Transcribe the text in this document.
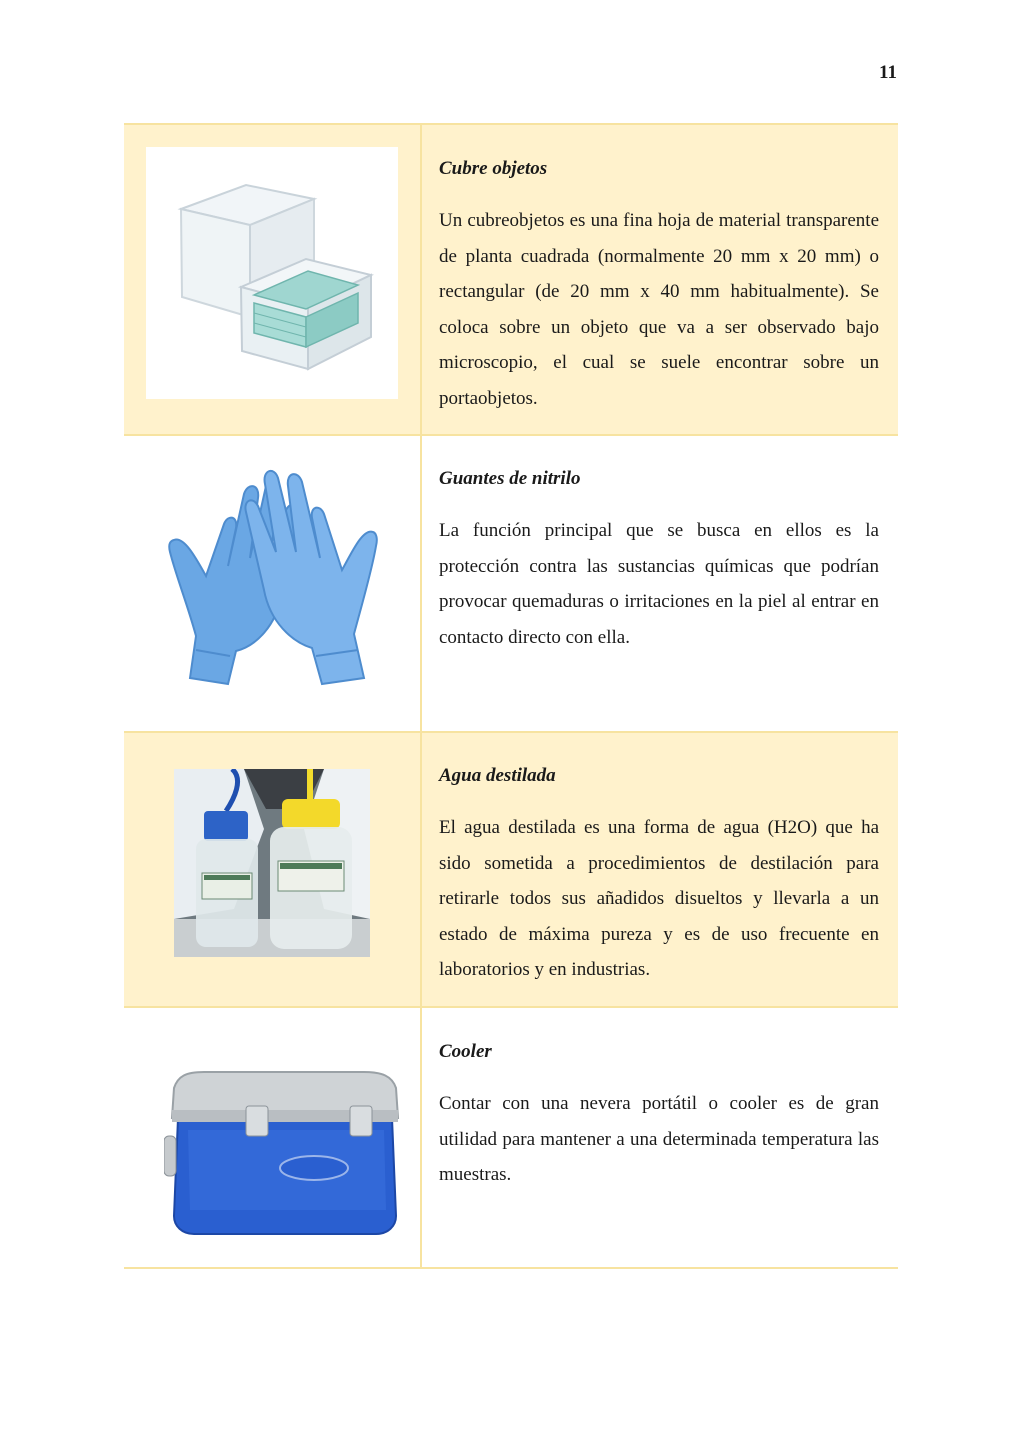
11

Cubre objetos

Un cubreobjetos es una fina hoja de material transparente de planta cuadrada (normalmente 20 mm x 20 mm) o rectangular (de 20 mm x 40 mm habitualmente). Se coloca sobre un objeto que va a ser observado bajo microscopio, el cual se suele encontrar sobre un portaobjetos.

Guantes de nitrilo

La función principal que se busca en ellos es la protección contra las sustancias químicas que podrían provocar quemaduras o irritaciones en la piel al entrar en contacto directo con ella.

Agua destilada

El agua destilada es una forma de agua (H2O) que ha sido sometida a procedimientos de destilación para retirarle todos sus añadidos disueltos y llevarla a un estado de máxima pureza y es de uso frecuente en laboratorios y en industrias.

Cooler

Contar con una nevera portátil o cooler es de gran utilidad para mantener a una determinada temperatura las muestras.
